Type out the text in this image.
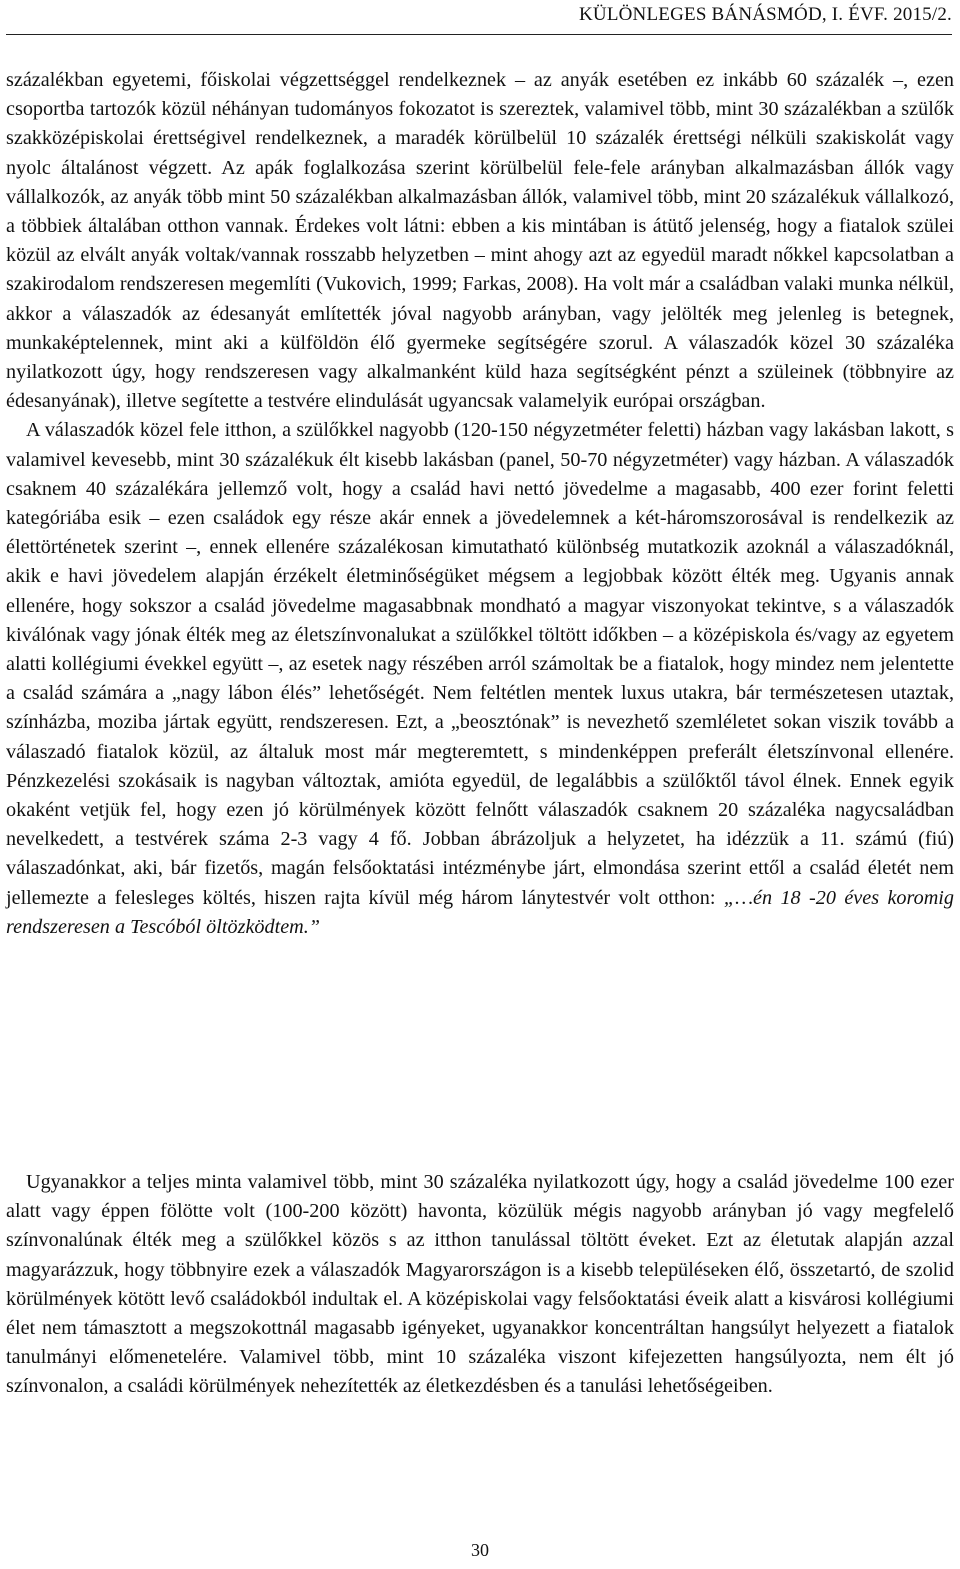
KÜLÖNLEGES BÁNÁSMÓD, I. ÉVF. 2015/2.

százalékban egyetemi, főiskolai végzettséggel rendelkeznek – az anyák esetében ez inkább 60 százalék –, ezen csoportba tartozók közül néhányan tudományos fokozatot is szereztek, valamivel több, mint 30 százalékban a szülők szakközépiskolai érettségivel rendelkeznek, a maradék körülbelül 10 százalék érettségi nélküli szakiskolát vagy nyolc általánost végzett. Az apák foglalkozása szerint körülbelül fele-fele arányban alkalmazásban állók vagy vállalkozók, az anyák több mint 50 százalékban alkalmazásban állók, valamivel több, mint 20 százalékuk vállalkozó, a többiek általában otthon vannak. Érdekes volt látni: ebben a kis mintában is átütő jelenség, hogy a fiatalok szülei közül az elvált anyák voltak/vannak rosszabb helyzetben – mint ahogy azt az egyedül maradt nőkkel kapcsolatban a szakirodalom rendszeresen megemlíti (Vukovich, 1999; Farkas, 2008). Ha volt már a családban valaki munka nélkül, akkor a válaszadók az édesanyát említették jóval nagyobb arányban, vagy jelölték meg jelenleg is betegnek, munkaképtelennek, mint aki a külföldön élő gyermeke segítségére szorul. A válaszadók közel 30 százaléka nyilatkozott úgy, hogy rendszeresen vagy alkalmanként küld haza segítségként pénzt a szüleinek (többnyire az édesanyának), illetve segítette a testvére elindulását ugyancsak valamelyik európai országban.

A válaszadók közel fele itthon, a szülőkkel nagyobb (120-150 négyzetméter feletti) házban vagy lakásban lakott, s valamivel kevesebb, mint 30 százalékuk élt kisebb lakásban (panel, 50-70 négyzetméter) vagy házban. A válaszadók csaknem 40 százalékára jellemző volt, hogy a család havi nettó jövedelme a magasabb, 400 ezer forint feletti kategóriába esik – ezen családok egy része akár ennek a jövedelemnek a két-háromszorosával is rendelkezik az élettörténetek szerint –, ennek ellenére százalékosan kimutatható különbség mutatkozik azoknál a válaszadóknál, akik e havi jövedelem alapján érzékelt életminőségüket mégsem a legjobbak között élték meg. Ugyanis annak ellenére, hogy sokszor a család jövedelme magasabbnak mondható a magyar viszonyokat tekintve, s a válaszadók kiválónak vagy jónak élték meg az életszínvonalukat a szülőkkel töltött időkben – a középiskola és/vagy az egyetem alatti kollégiumi évekkel együtt –, az esetek nagy részében arról számoltak be a fiatalok, hogy mindez nem jelentette a család számára a „nagy lábon élés” lehetőségét. Nem feltétlen mentek luxus utakra, bár természetesen utaztak, színházba, moziba jártak együtt, rendszeresen. Ezt, a „beosztónak” is nevezhető szemléletet sokan viszik tovább a válaszadó fiatalok közül, az általuk most már megteremtett, s mindenképpen preferált életszínvonal ellenére. Pénzkezelési szokásaik is nagyban változtak, amióta egyedül, de legalábbis a szülőktől távol élnek. Ennek egyik okaként vetjük fel, hogy ezen jó körülmények között felnőtt válaszadók csaknem 20 százaléka nagycsaládban nevelkedett, a testvérek száma 2-3 vagy 4 fő. Jobban ábrázoljuk a helyzetet, ha idézzük a 11. számú (fiú) válaszadónkat, aki, bár fizetős, magán felsőoktatási intézménybe járt, elmondása szerint ettől a család életét nem jellemezte a felesleges költés, hiszen rajta kívül még három lánytestvér volt otthon: „…én 18 -20 éves koromig rendszeresen a Tescóból öltözködtem.”

Ugyanakkor a teljes minta valamivel több, mint 30 százaléka nyilatkozott úgy, hogy a család jövedelme 100 ezer alatt vagy éppen fölötte volt (100-200 között) havonta, közülük mégis nagyobb arányban jó vagy megfelelő színvonalúnak élték meg a szülőkkel közös s az itthon tanulással töltött éveket. Ezt az életutak alapján azzal magyarázzuk, hogy többnyire ezek a válaszadók Magyarországon is a kisebb településeken élő, összetartó, de szolid körülmények kötött levő családokból indultak el. A középiskolai vagy felsőoktatási éveik alatt a kisvárosi kollégiumi élet nem támasztott a megszokottnál magasabb igényeket, ugyanakkor koncentráltan hangsúlyt helyezett a fiatalok tanulmányi előmenetelére. Valamivel több, mint 10 százaléka viszont kifejezetten hangsúlyozta, nem élt jó színvonalon, a családi körülmények nehezítették az életkezdésben és a tanulási lehetőségeiben.

30
